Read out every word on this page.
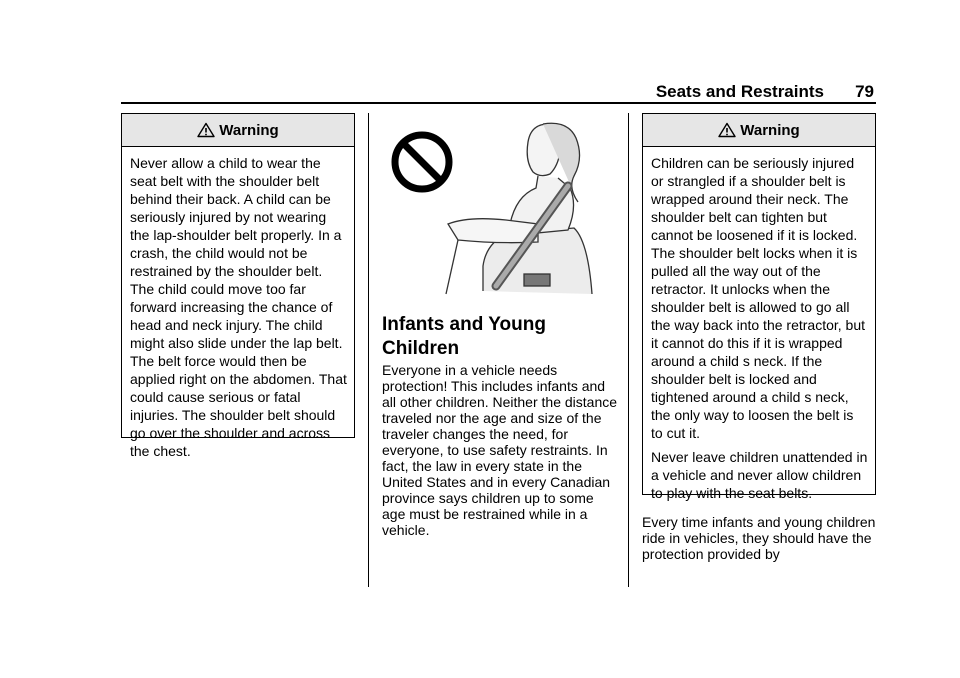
Seats and Restraints 79
Warning

Never allow a child to wear the seat belt with the shoulder belt behind their back. A child can be seriously injured by not wearing the lap-shoulder belt properly. In a crash, the child would not be restrained by the shoulder belt. The child could move too far forward increasing the chance of head and neck injury. The child might also slide under the lap belt. The belt force would then be applied right on the abdomen. That could cause serious or fatal injuries. The shoulder belt should go over the shoulder and across the chest.

Infants and Young Children
Everyone in a vehicle needs protection! This includes infants and all other children. Neither the distance traveled nor the age and size of the traveler changes the need, for everyone, to use safety restraints. In fact, the law in every state in the United States and in every Canadian province says children up to some age must be restrained while in a vehicle.
Warning

Children can be seriously injured or strangled if a shoulder belt is wrapped around their neck. The shoulder belt can tighten but cannot be loosened if it is locked. The shoulder belt locks when it is pulled all the way out of the retractor. It unlocks when the shoulder belt is allowed to go all the way back into the retractor, but it cannot do this if it is wrapped around a child s neck. If the shoulder belt is locked and tightened around a child s neck, the only way to loosen the belt is to cut it.

Never leave children unattended in a vehicle and never allow children to play with the seat belts.

Every time infants and young children ride in vehicles, they should have the protection provided by
